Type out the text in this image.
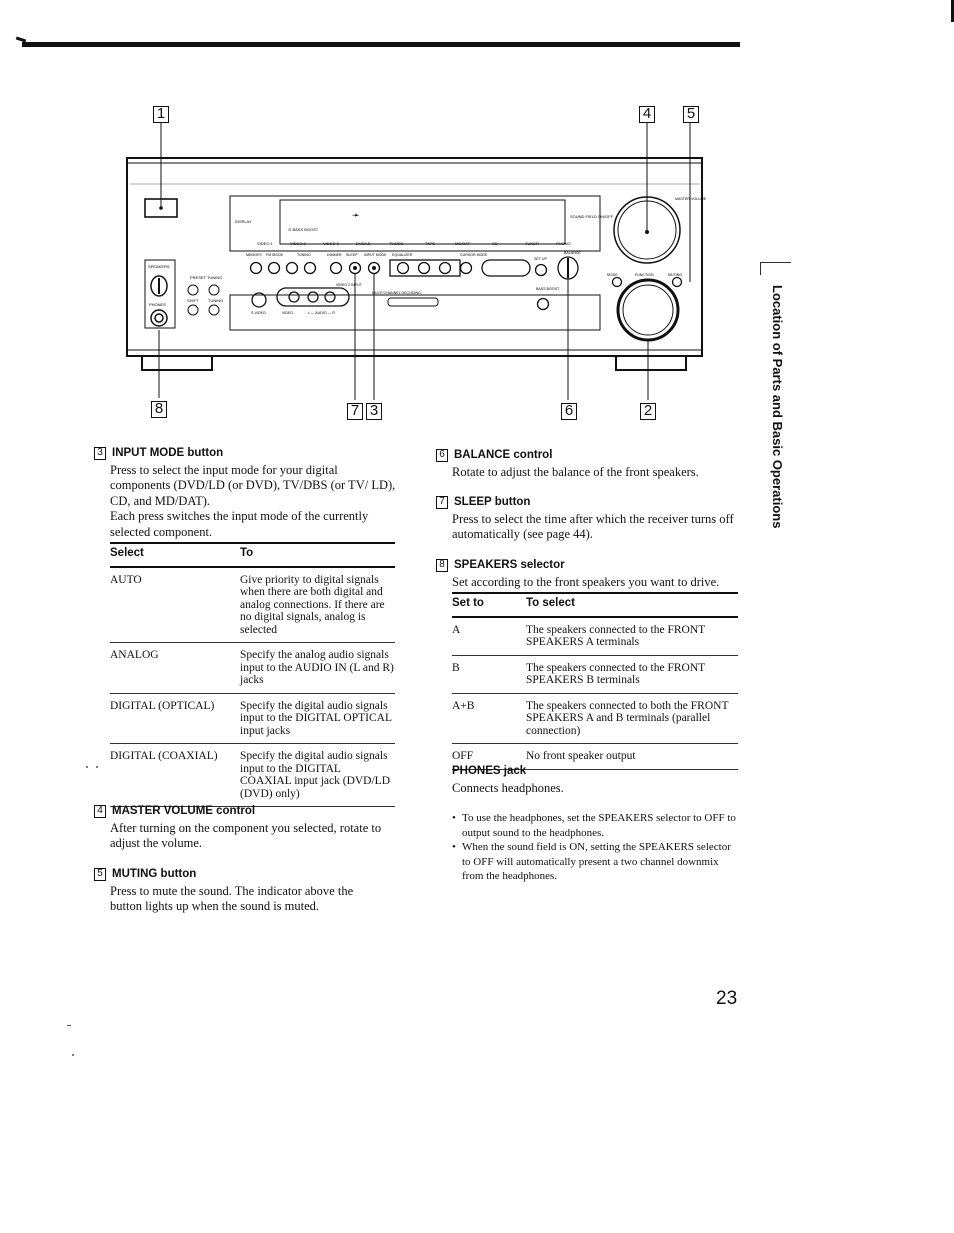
SPEAKERS
PHONES
PRESET TUNING
SHIFT TUNING
DISPLAY
⊙ BASS BOOST
➛	SOUND FIELD ON/OFF
VIDEO 1	VIDEO 2	VIDEO 3	DVD/LD	TV/DBS	TAPE	MD/DAT	CD	TUNER	PHONO
MEMORY FM MODE	TUNING	DIMMER SLEEP INPUT MODE EQUALIZER	CURSOR MODE	BALANCE
SET UP
S-VIDEO	VIDEO	L — AUDIO — R
VIDEO 2 INPUT
MULTI CHANNEL DECODING
BASS BOOST
MASTER VOLUME
MODE	FUNCTION	MUTING
1	4 5
8	7 3	6	2	Location of Parts and Basic Operations
3 INPUT MODE button
Press to select the input mode for your digital components (DVD/LD (or DVD), TV/DBS (or TV/ LD), CD, and MD/DAT).
Each press switches the input mode of the currently selected component.
Select	To
AUTO	Give priority to digital signals when there are both digital and analog connections. If there are no digital signals, analog is selected
ANALOG	Specify the analog audio signals input to the AUDIO IN (L and R) jacks
DIGITAL (OPTICAL)	Specify the digital audio signals input to the DIGITAL OPTICAL input jacks
DIGITAL (COAXIAL)	Specify the digital audio signals input to the DIGITAL COAXIAL input jack (DVD/LD (DVD) only)
4 MASTER VOLUME control
After turning on the component you selected, rotate to adjust the volume.
5 MUTING button
Press to mute the sound. The indicator above the button lights up when the sound is muted.
6 BALANCE control
Rotate to adjust the balance of the front speakers.
7 SLEEP button
Press to select the time after which the receiver turns off automatically (see page 44).
8 SPEAKERS selector
Set according to the front speakers you want to drive.
Set to	To select
A	The speakers connected to the FRONT SPEAKERS A terminals
B	The speakers connected to the FRONT SPEAKERS B terminals
A+B	The speakers connected to both the FRONT SPEAKERS A and B terminals (parallel connection)
OFF	No front speaker output
PHONES jack
Connects headphones.
• To use the headphones, set the SPEAKERS selector to OFF to output sound to the headphones.
• When the sound field is ON, setting the SPEAKERS selector to OFF will automatically present a two channel downmix from the headphones.
23
